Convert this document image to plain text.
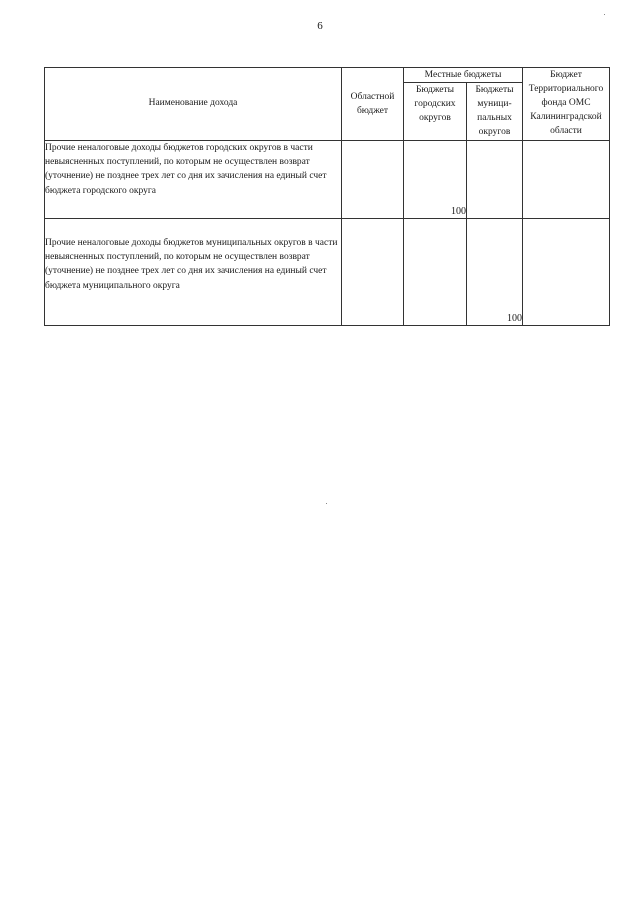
6
Наименование дохода	Областной бюджет	Местные бюджеты		Бюджет Территориального фонда ОМС Калининградской области
		Бюджеты городских округов	Бюджеты муници-пальных округов	
Прочие неналоговые доходы бюджетов городских округов в части невыясненных поступлений, по которым не осуществлен возврат (уточнение) не позднее трех лет со дня их зачисления на единый счет бюджета городского округа		100		
Прочие неналоговые доходы бюджетов муниципальных округов в части невыясненных поступлений, по которым не осуществлен возврат (уточнение) не позднее трех лет со дня их зачисления на единый счет бюджета муниципального округа			100	
